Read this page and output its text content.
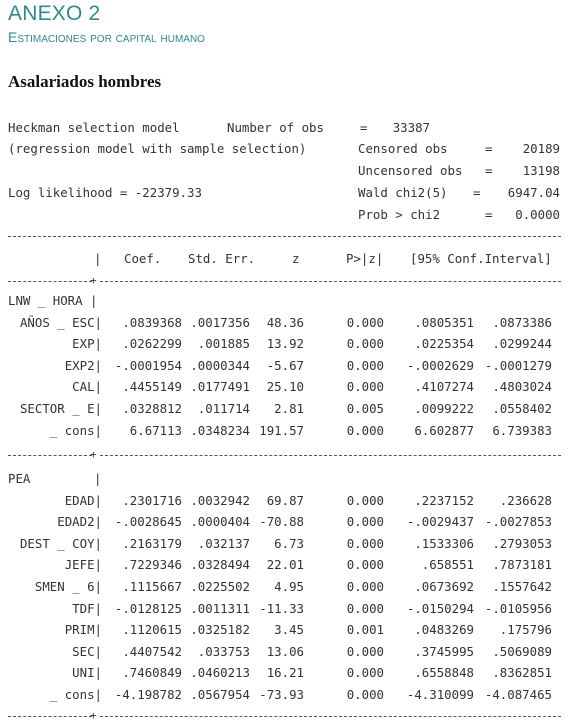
ANEXO 2
Estimaciones por capital humano
Asalariados hombres
Heckman selection model	Number of obs	=	33387
(regression model with sample selection)	Censored obs	=	20189
Uncensored obs =	13198
Log likelihood = -22379.33	Wald chi2(5) =	6947.04
Prob > chi2	=	0.0000
| Coef. Std. Err.	z	P>|z| [95% Conf.Interval]
+
LNW _ HORA |
AÑOS _ ESC|	.0839368 .0017356	48.36	0.000	.0805351	.0873386
EXP|	.0262299	.001885	13.92	0.000	.0225354	.0299244
EXP2|	-.0001954 .0000344	-5.67	0.000	-.0002629 -.0001279
CAL|	.4455149 .0177491	25.10	0.000	.4107274	.4803024
SECTOR _ E|	.0328812	.011714	2.81	0.005	.0099222	.0558402
_ cons|	6.67113 .0348234 191.57	0.000	6.602877	6.739383
+
PEA	|
EDAD|	.2301716 .0032942	69.87	0.000	.2237152	.236628
EDAD2|	-.0028645 .0000404 -70.88	0.000	-.0029437 -.0027853
DEST _ COY|	.2163179	.032137	6.73	0.000	.1533306	.2793053
JEFE|	.7229346 .0328494	22.01	0.000	.658551	.7873181
SMEN _ 6|	.1115667 .0225502	4.95	0.000	.0673692	.1557642
TDF|	-.0128125 .0011311 -11.33	0.000	-.0150294 -.0105956
PRIM|	.1120615 .0325182	3.45	0.001	.0483269	.175796
SEC|	.4407542	.033753	13.06	0.000	.3745995	.5069089
UNI|	.7460849 .0460213	16.21	0.000	.6558848	.8362851
_ cons|	-4.198782 .0567954 -73.93	0.000	-4.310099 -4.087465
+
